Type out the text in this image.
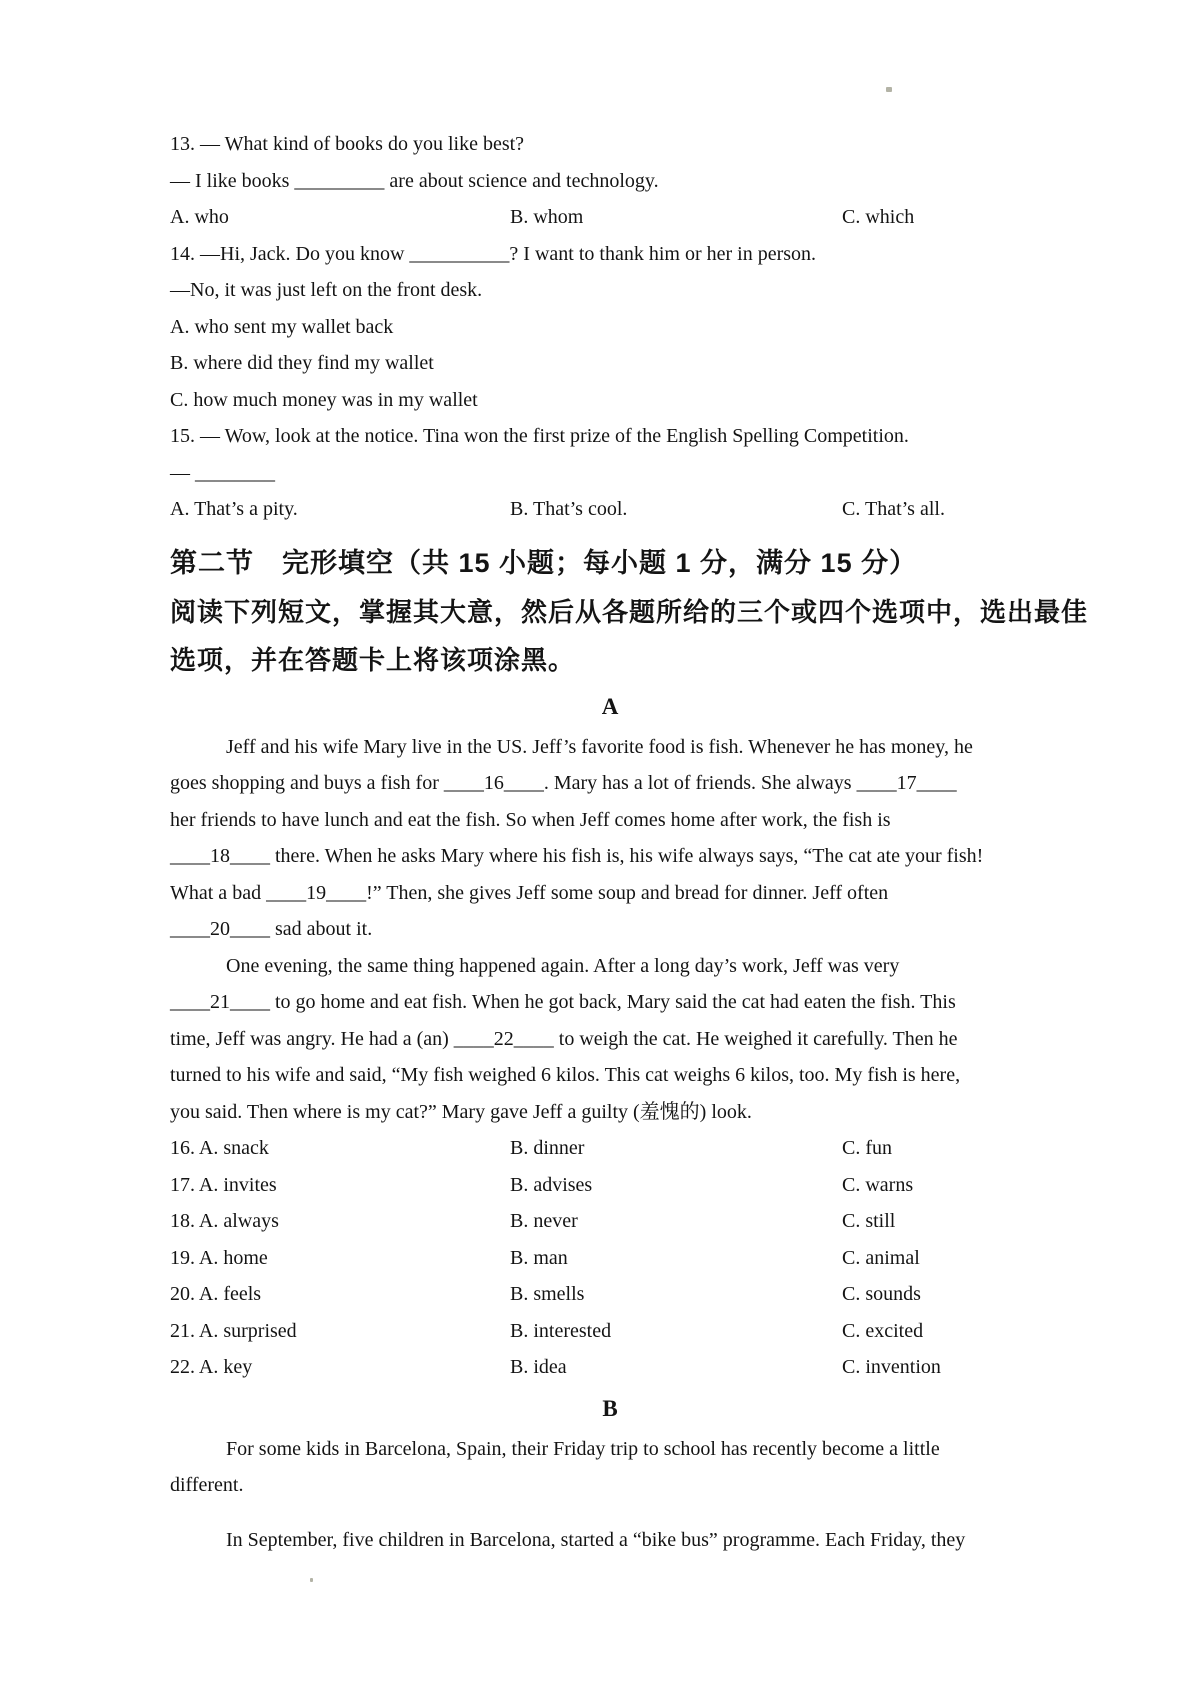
13. — What kind of books do you like best?
— I like books _________ are about science and technology.
A. who	B. whom	C. which
14. —Hi, Jack. Do you know __________? I want to thank him or her in person.
—No, it was just left on the front desk.
A. who sent my wallet back
B. where did they find my wallet
C. how much money was in my wallet
15. — Wow, look at the notice. Tina won the first prize of the English Spelling Competition.
— ________
A. That’s a pity.	B. That’s cool.	C. That’s all.
第二节　完形填空（共 15 小题；每小题 1 分，满分 15 分）
阅读下列短文，掌握其大意，然后从各题所给的三个或四个选项中，选出最佳
选项，并在答题卡上将该项涂黑。
A
Jeff and his wife Mary live in the US. Jeff’s favorite food is fish. Whenever he has money, he
goes shopping and buys a fish for ____16____. Mary has a lot of friends. She always ____17____
her friends to have lunch and eat the fish. So when Jeff comes home after work, the fish is
____18____ there. When he asks Mary where his fish is, his wife always says, “The cat ate your fish!
What a bad ____19____!” Then, she gives Jeff some soup and bread for dinner. Jeff often
____20____ sad about it.
One evening, the same thing happened again. After a long day’s work, Jeff was very
____21____ to go home and eat fish. When he got back, Mary said the cat had eaten the fish. This
time, Jeff was angry. He had a (an) ____22____ to weigh the cat. He weighed it carefully. Then he
turned to his wife and said, “My fish weighed 6 kilos. This cat weighs 6 kilos, too. My fish is here,
you said. Then where is my cat?” Mary gave Jeff a guilty (羞愧的) look.
16. A. snack	B. dinner	C. fun
17. A. invites	B. advises	C. warns
18. A. always	B. never	C. still
19. A. home	B. man	C. animal
20. A. feels	B. smells	C. sounds
21. A. surprised	B. interested	C. excited
22. A. key	B. idea	C. invention
B
For some kids in Barcelona, Spain, their Friday trip to school has recently become a little
different.
In September, five children in Barcelona, started a “bike bus” programme. Each Friday, they
